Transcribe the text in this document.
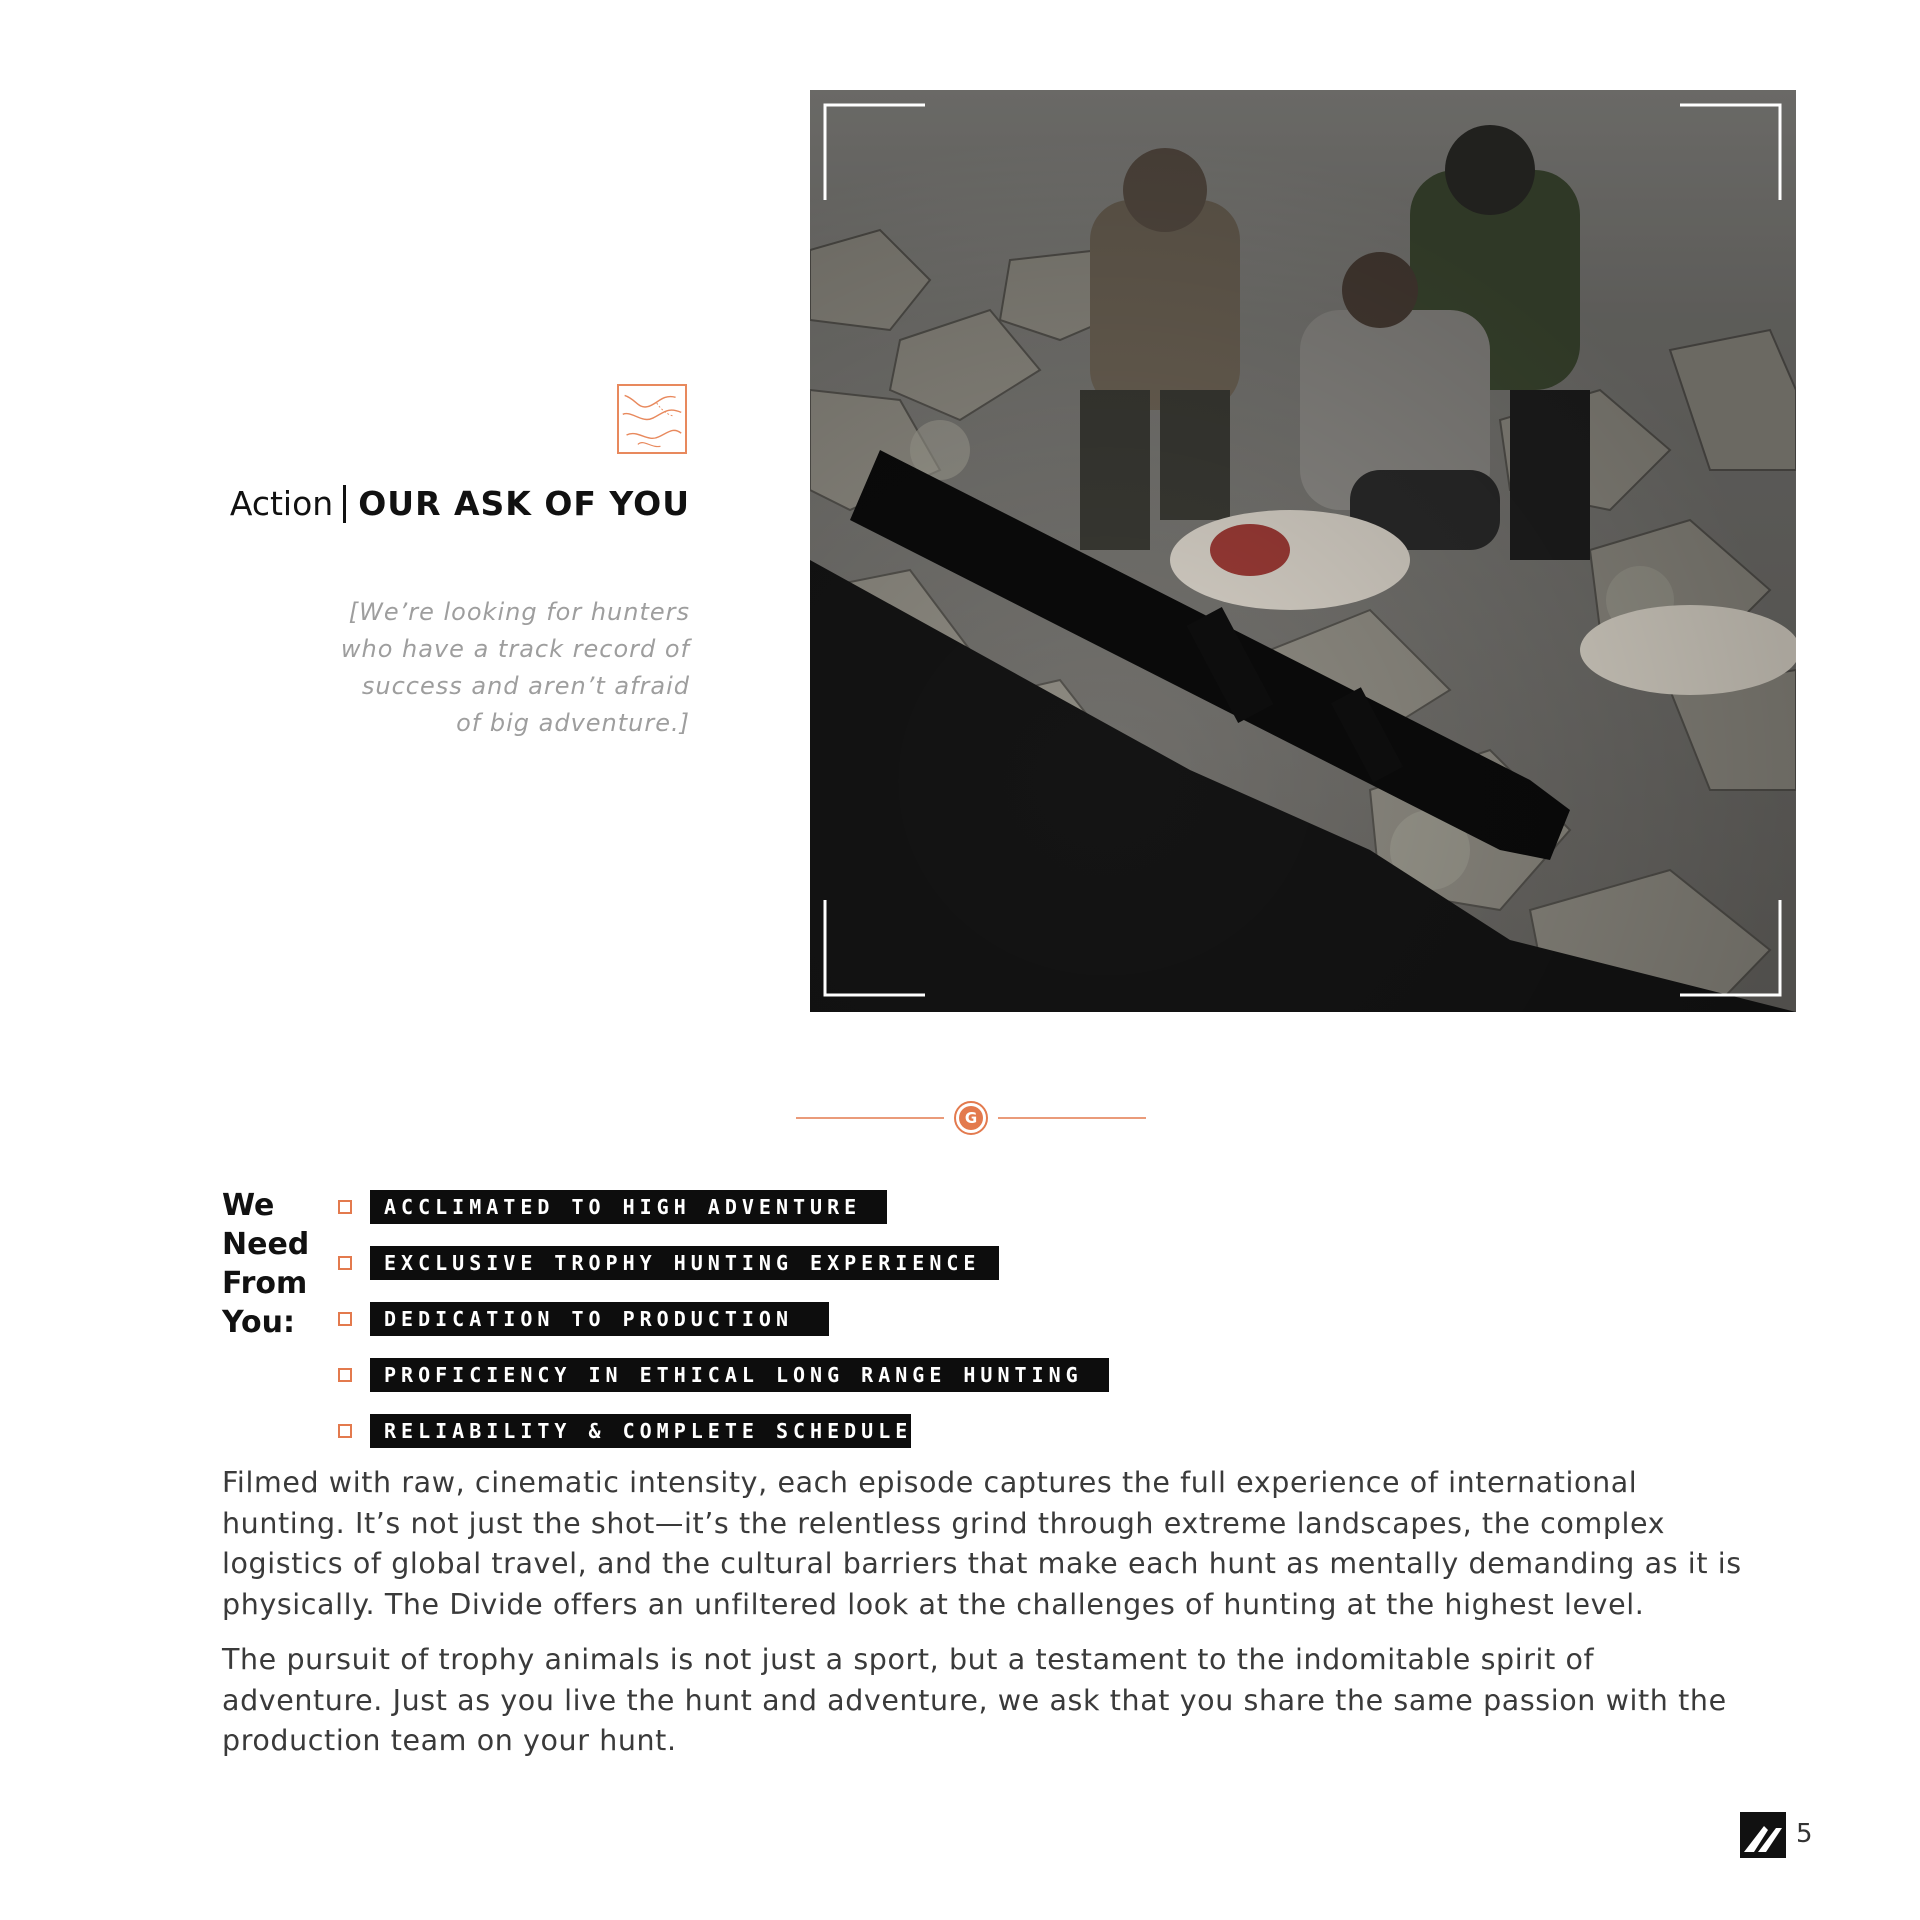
Action OUR ASK OF YOU
[We’re looking for hunters
who have a track record of
success and aren’t afraid
of big adventure.]
G
We
Need
From
You:
ACCLIMATED TO HIGH ADVENTURE
EXCLUSIVE TROPHY HUNTING EXPERIENCE
DEDICATION TO PRODUCTION
PROFICIENCY IN ETHICAL LONG RANGE HUNTING
RELIABILITY & COMPLETE SCHEDULE

Filmed with raw, cinematic intensity, each episode captures the full experience of international hunting. It’s not just the shot—it’s the relentless grind through extreme landscapes, the complex logistics of global travel, and the cultural barriers that make each hunt as mentally demanding as it is physically. The Divide offers an unfiltered look at the challenges of hunting at the highest level.

The pursuit of trophy animals is not just a sport, but a testament to the indomitable spirit of adventure. Just as you live the hunt and adventure, we ask that you share the same passion with the production team on your hunt.

5
